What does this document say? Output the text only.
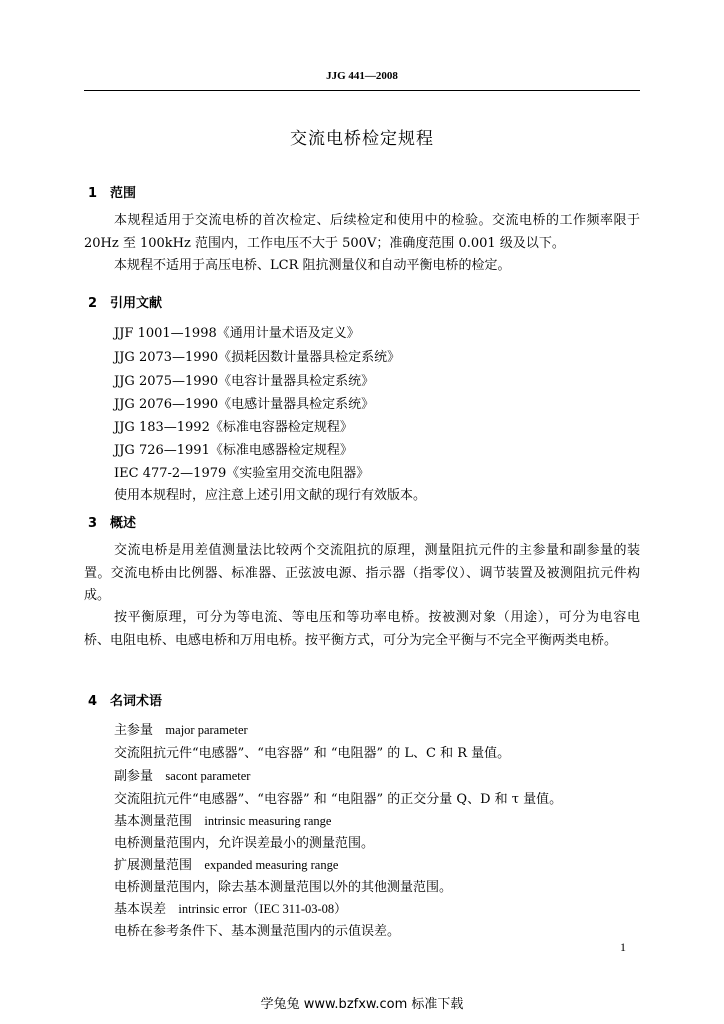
JJG 441—2008
交流电桥检定规程
1 范围

本规程适用于交流电桥的首次检定、后续检定和使用中的检验。交流电桥的工作频率限于 20Hz 至 100kHz 范围内，工作电压不大于 500V；准确度范围 0.001 级及以下。

本规程不适用于高压电桥、LCR 阻抗测量仪和自动平衡电桥的检定。

2 引用文献
JJF 1001—1998《通用计量术语及定义》
JJG 2073—1990《损耗因数计量器具检定系统》
JJG 2075—1990《电容计量器具检定系统》
JJG 2076—1990《电感计量器具检定系统》
JJG 183—1992《标准电容器检定规程》
JJG 726—1991《标准电感器检定规程》
IEC 477-2—1979《实验室用交流电阻器》
使用本规程时，应注意上述引用文献的现行有效版本。
3 概述

交流电桥是用差值测量法比较两个交流阻抗的原理，测量阻抗元件的主参量和副参量的装置。交流电桥由比例器、标准器、正弦波电源、指示器（指零仪）、调节装置及被测阻抗元件构成。

按平衡原理，可分为等电流、等电压和等功率电桥。按被测对象（用途），可分为电容电桥、电阻电桥、电感电桥和万用电桥。按平衡方式，可分为完全平衡与不完全平衡两类电桥。

4 名词术语
主参量 major parameter
交流阻抗元件“电感器”、“电容器” 和 “电阻器” 的 L、C 和 R 量值。
副参量 sacont parameter
交流阻抗元件“电感器”、“电容器” 和 “电阻器” 的正交分量 Q、D 和 τ 量值。
基本测量范围 intrinsic measuring range
电桥测量范围内，允许误差最小的测量范围。
扩展测量范围 expanded measuring range
电桥测量范围内，除去基本测量范围以外的其他测量范围。
基本误差 intrinsic error（IEC 311-03-08）
电桥在参考条件下、基本测量范围内的示值误差。
1
学兔兔 www.bzfxw.com 标准下载
